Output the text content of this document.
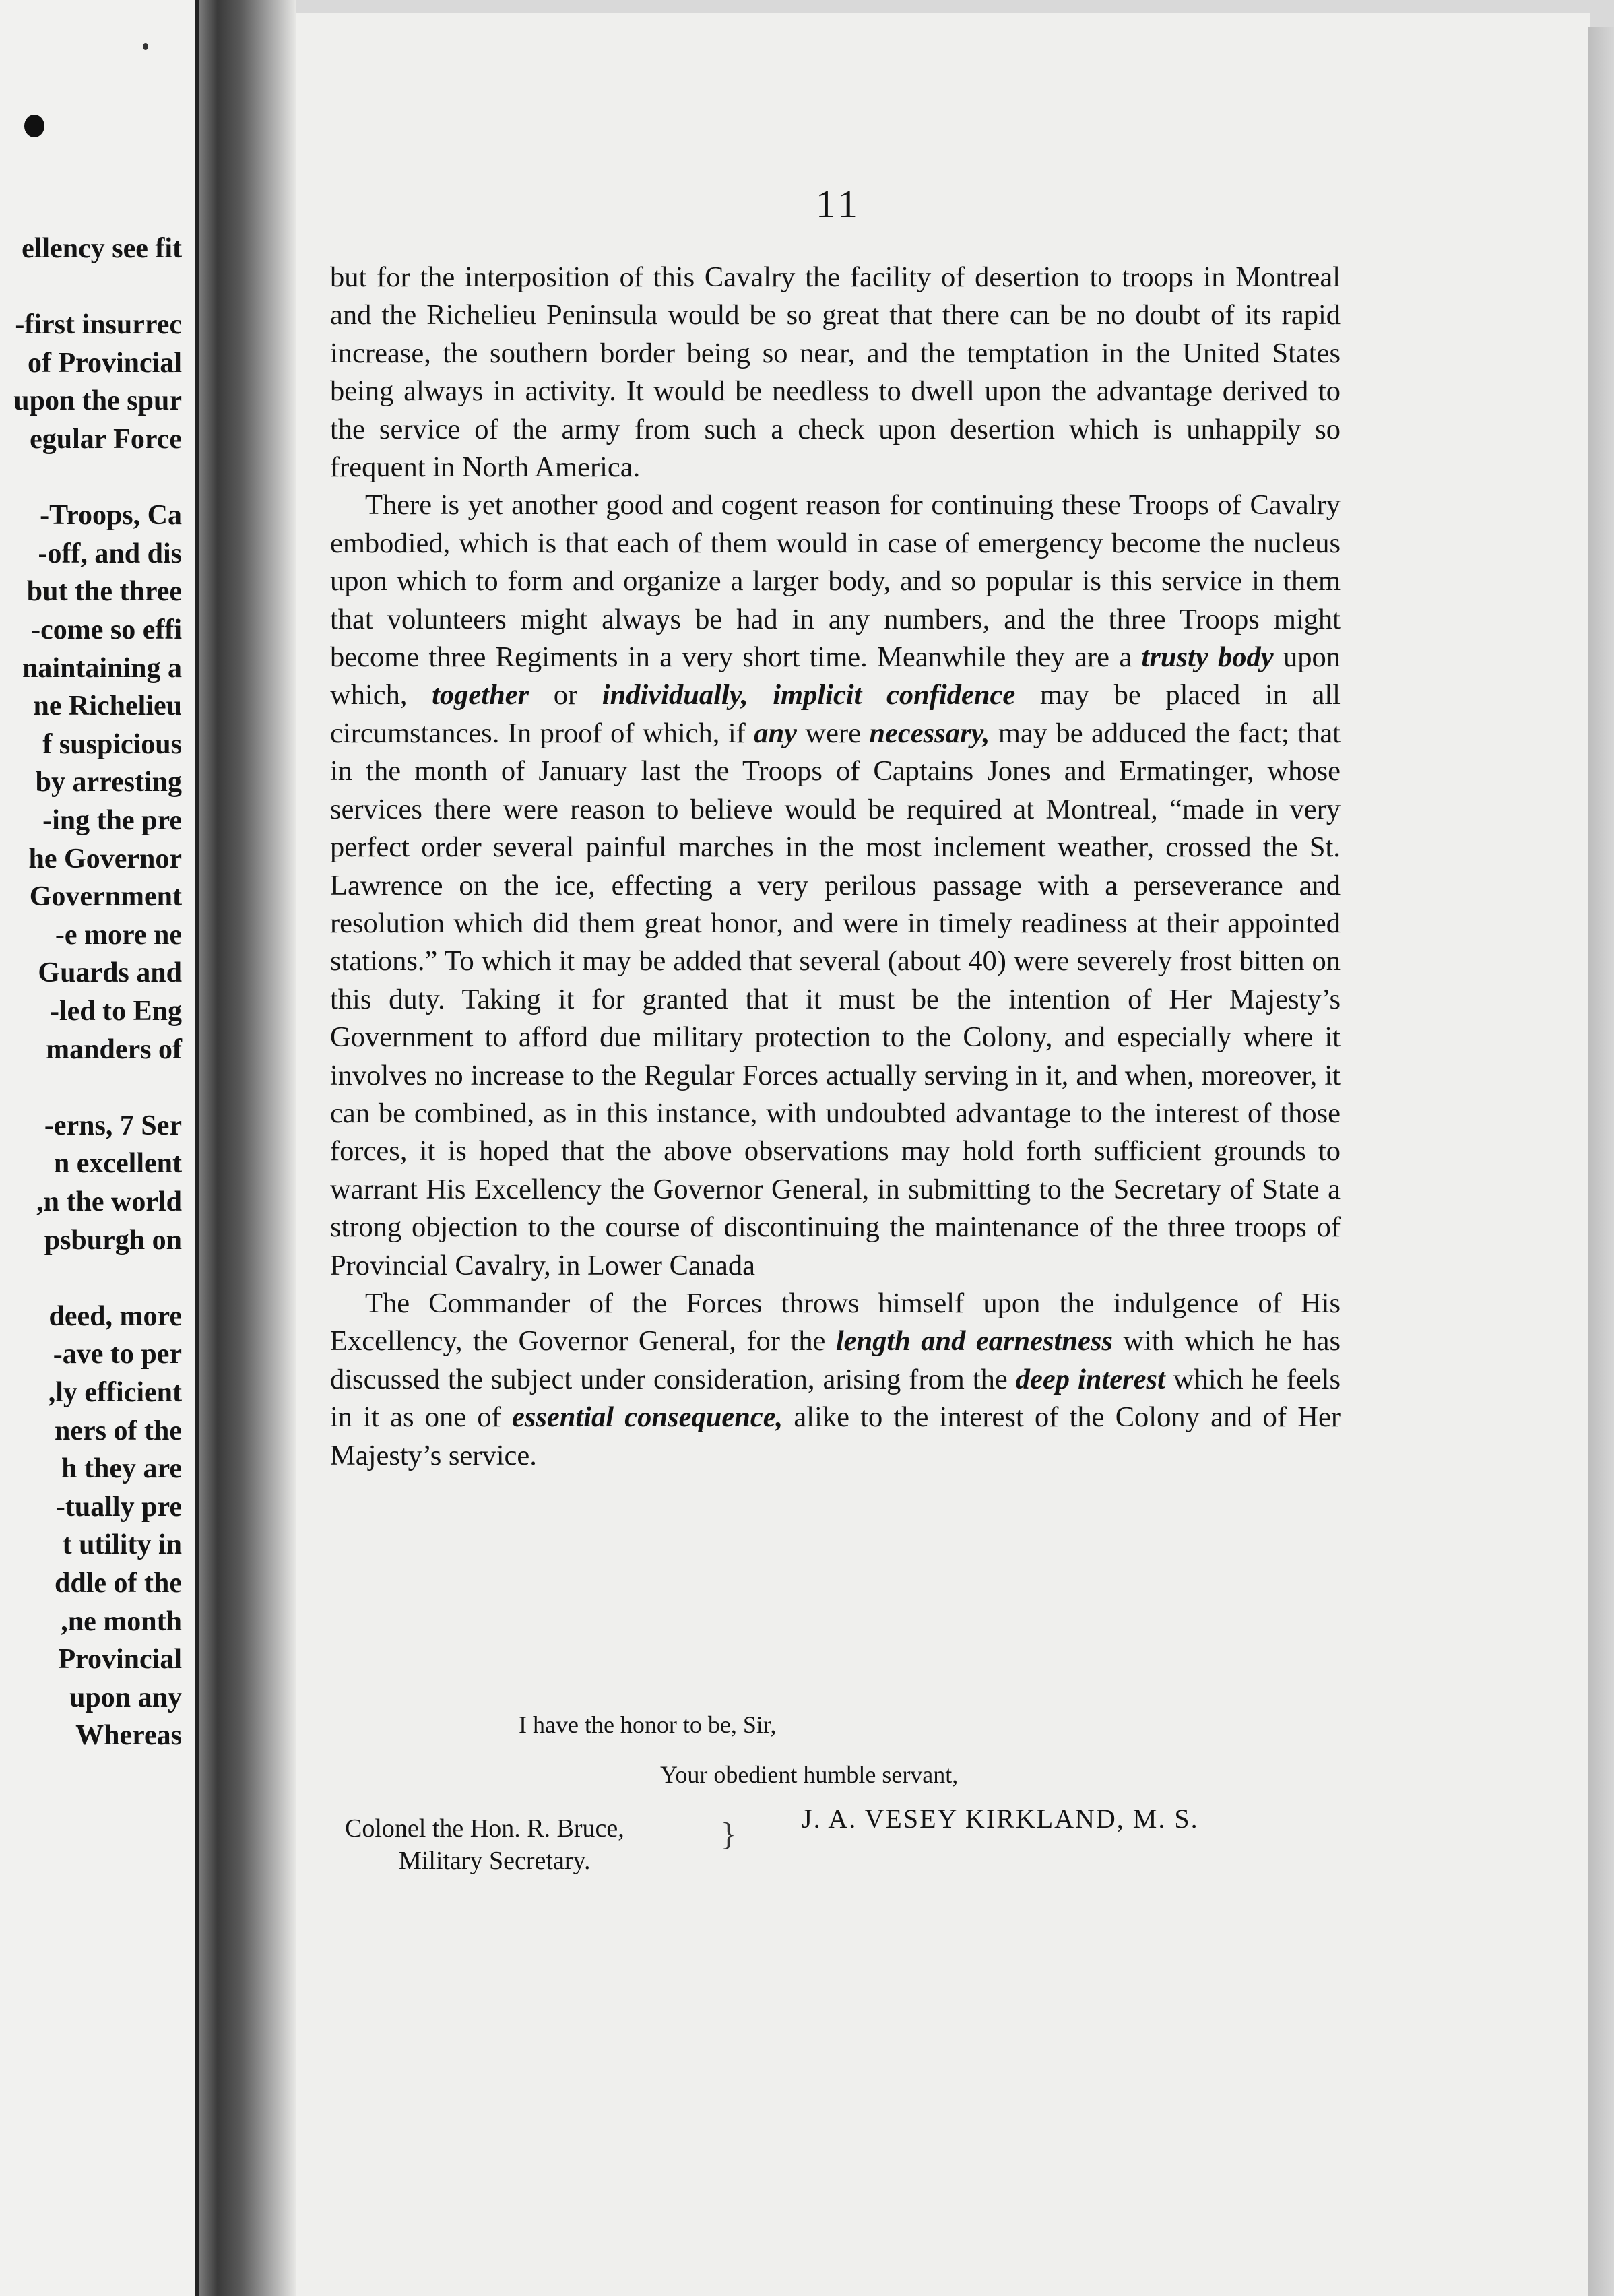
ellency see fit
first insurrec-
of Provincial
upon the spur
egular Force
Troops, Ca-
off, and dis-
but the three
come so effi-
naintaining a
ne Richelieu
f suspicious
by arresting
ing the pre-
he Governor
Government
e more ne-
Guards and
led to Eng-
manders of
erns, 7 Ser-
n excellent
n the world,
psburgh on
deed, more
ave to per-
ly efficient,
ners of the
h they are
tually pre-
t utility in
ddle of the
ne month,
Provincial
upon any
Whereas
11

but for the interposition of this Cavalry the facility of desertion to troops in Montreal and the Richelieu Peninsula would be so great that there can be no doubt of its rapid increase, the southern border being so near, and the temptation in the United States being always in activity. It would be needless to dwell upon the advantage derived to the service of the army from such a check upon desertion which is unhappily so frequent in North America.

There is yet another good and cogent reason for continuing these Troops of Cavalry embodied, which is that each of them would in case of emergency become the nucleus upon which to form and organize a larger body, and so popular is this service in them that volunteers might always be had in any numbers, and the three Troops might become three Regiments in a very short time. Meanwhile they are a trusty body upon which, together or individually, implicit confidence may be placed in all circumstances. In proof of which, if any were necessary, may be adduced the fact; that in the month of January last the Troops of Captains Jones and Ermatinger, whose services there were reason to believe would be required at Montreal, “made in very perfect order several painful marches in the most inclement weather, crossed the St. Lawrence on the ice, effecting a very perilous passage with a perseverance and resolution which did them great honor, and were in timely readiness at their appointed stations.” To which it may be added that several (about 40) were severely frost bitten on this duty. Taking it for granted that it must be the intention of Her Majesty’s Government to afford due military protection to the Colony, and especially where it involves no increase to the Regular Forces actually serving in it, and when, moreover, it can be combined, as in this instance, with undoubted advantage to the interest of those forces, it is hoped that the above observations may hold forth sufficient grounds to warrant His Excellency the Governor General, in submitting to the Secretary of State a strong objection to the course of discontinuing the maintenance of the three troops of Provincial Cavalry, in Lower Canada

The Commander of the Forces throws himself upon the indulgence of His Excellency, the Governor General, for the length and earnestness with which he has discussed the subject under consideration, arising from the deep interest which he feels in it as one of essential consequence, alike to the interest of the Colony and of Her Majesty’s service.

I have the honor to be, Sir,
Your obedient humble servant,
J. A. VESEY KIRKLAND, M. S.
Colonel the Hon. R. Bruce,
Military Secretary.
}
